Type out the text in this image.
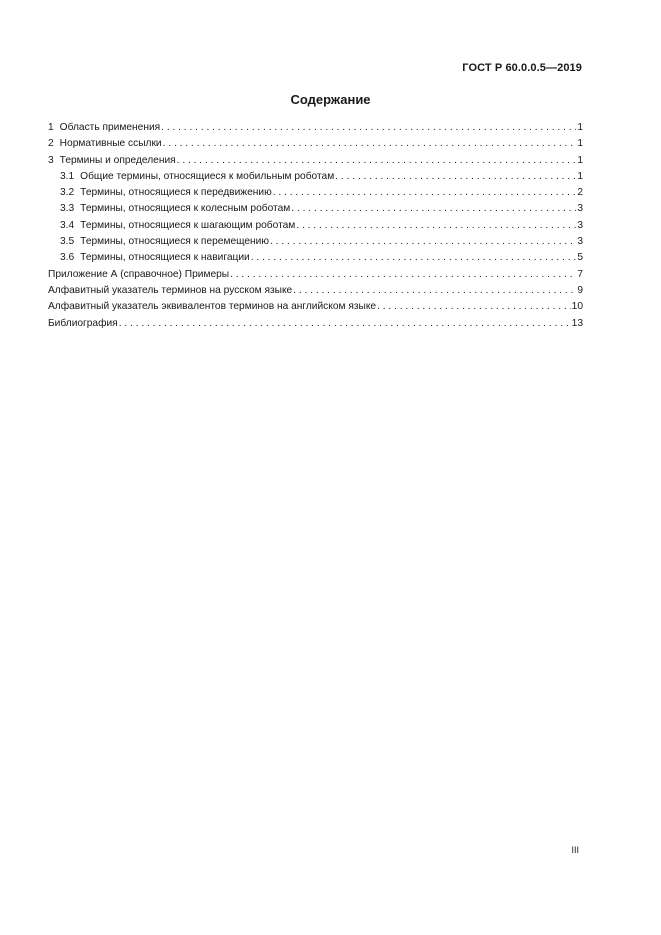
ГОСТ Р 60.0.0.5—2019
Содержание
1 Область применения . . .	1
2 Нормативные ссылки . . .	1
3 Термины и определения . . .	1
3.1 Общие термины, относящиеся к мобильным роботам . . .	1
3.2 Термины, относящиеся к передвижению . . .	2
3.3 Термины, относящиеся к колесным роботам . . .	3
3.4 Термины, относящиеся к шагающим роботам . . .	3
3.5 Термины, относящиеся к перемещению . . .	3
3.6 Термины, относящиеся к навигации . . .	5
Приложение А (справочное) Примеры . . .	7
Алфавитный указатель терминов на русском языке . . .	9
Алфавитный указатель эквивалентов терминов на английском языке . . .	10
Библиография . . .	13
III
